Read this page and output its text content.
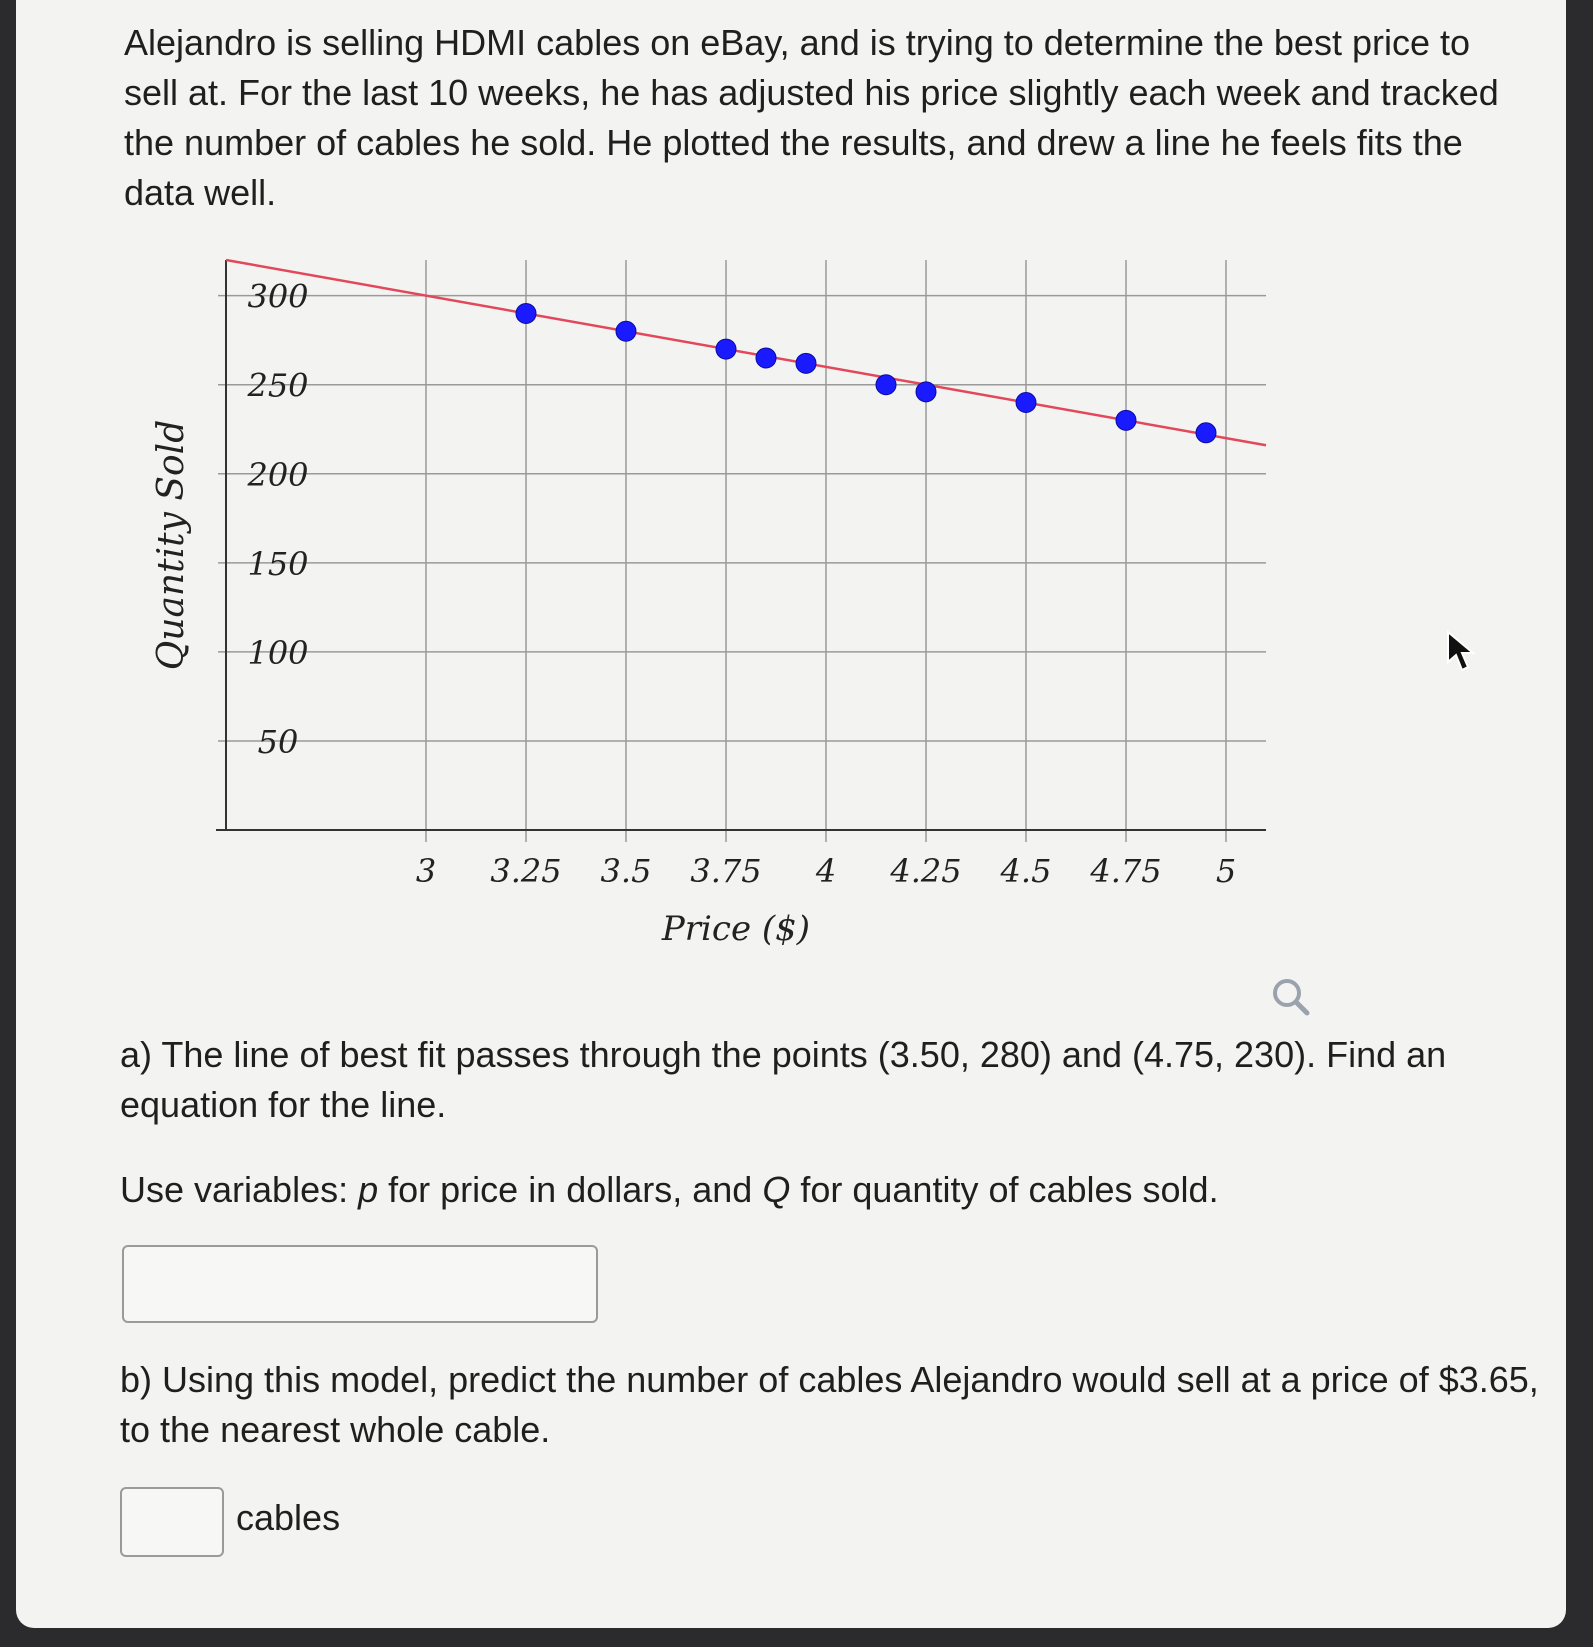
Alejandro is selling HDMI cables on eBay, and is trying to determine the best price to sell at. For the last 10 weeks, he has adjusted his price slightly each week and tracked the number of cables he sold. He plotted the results, and drew a line he feels fits the data well.

50
100
150
200
250
300
3 3.25 3.5 3.75 4 4.25 4.5 4.75 5
Quantity Sold
Price ($)
a) The line of best fit passes through the points (3.50, 280) and (4.75, 230). Find an equation for the line.
Use variables: p for price in dollars, and Q for quantity of cables sold.
b) Using this model, predict the number of cables Alejandro would sell at a price of $3.65, to the nearest whole cable.
cables
